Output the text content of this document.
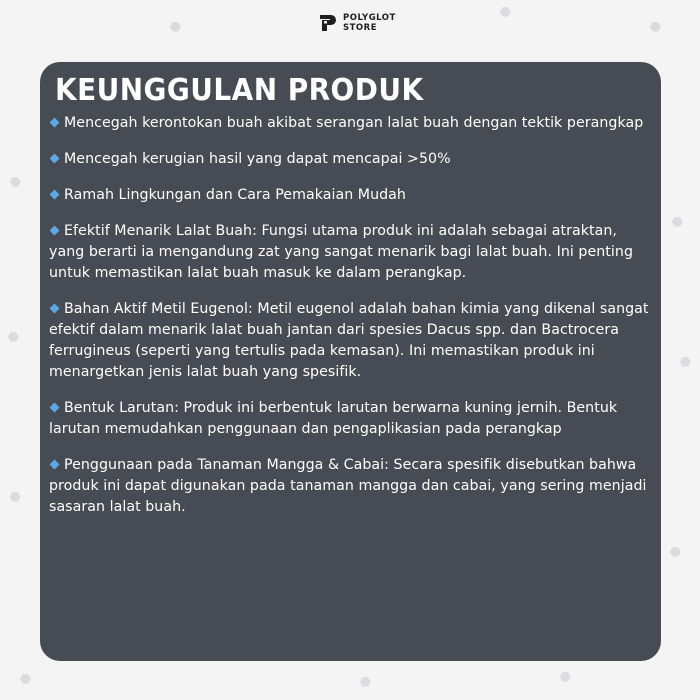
⬢
⬢
⬢
⬢
⬢
⬢
⬢
⬢
⬢
⬢	⬢	⬢
POLYGLOT
STORE
KEUNGGULAN PRODUK
Mencegah kerontokan buah akibat serangan lalat buah dengan tektik perangkap
Mencegah kerugian hasil yang dapat mencapai >50%
Ramah Lingkungan dan Cara Pemakaian Mudah
Efektif Menarik Lalat Buah: Fungsi utama produk ini adalah sebagai atraktan, yang berarti ia mengandung zat yang sangat menarik bagi lalat buah. Ini penting untuk memastikan lalat buah masuk ke dalam perangkap.
Bahan Aktif Metil Eugenol: Metil eugenol adalah bahan kimia yang dikenal sangat efektif dalam menarik lalat buah jantan dari spesies Dacus spp. dan Bactrocera ferrugineus (seperti yang tertulis pada kemasan). Ini memastikan produk ini menargetkan jenis lalat buah yang spesifik.
Bentuk Larutan: Produk ini berbentuk larutan berwarna kuning jernih. Bentuk larutan memudahkan penggunaan dan pengaplikasian pada perangkap
Penggunaan pada Tanaman Mangga & Cabai: Secara spesifik disebutkan bahwa produk ini dapat digunakan pada tanaman mangga dan cabai, yang sering menjadi sasaran lalat buah.
